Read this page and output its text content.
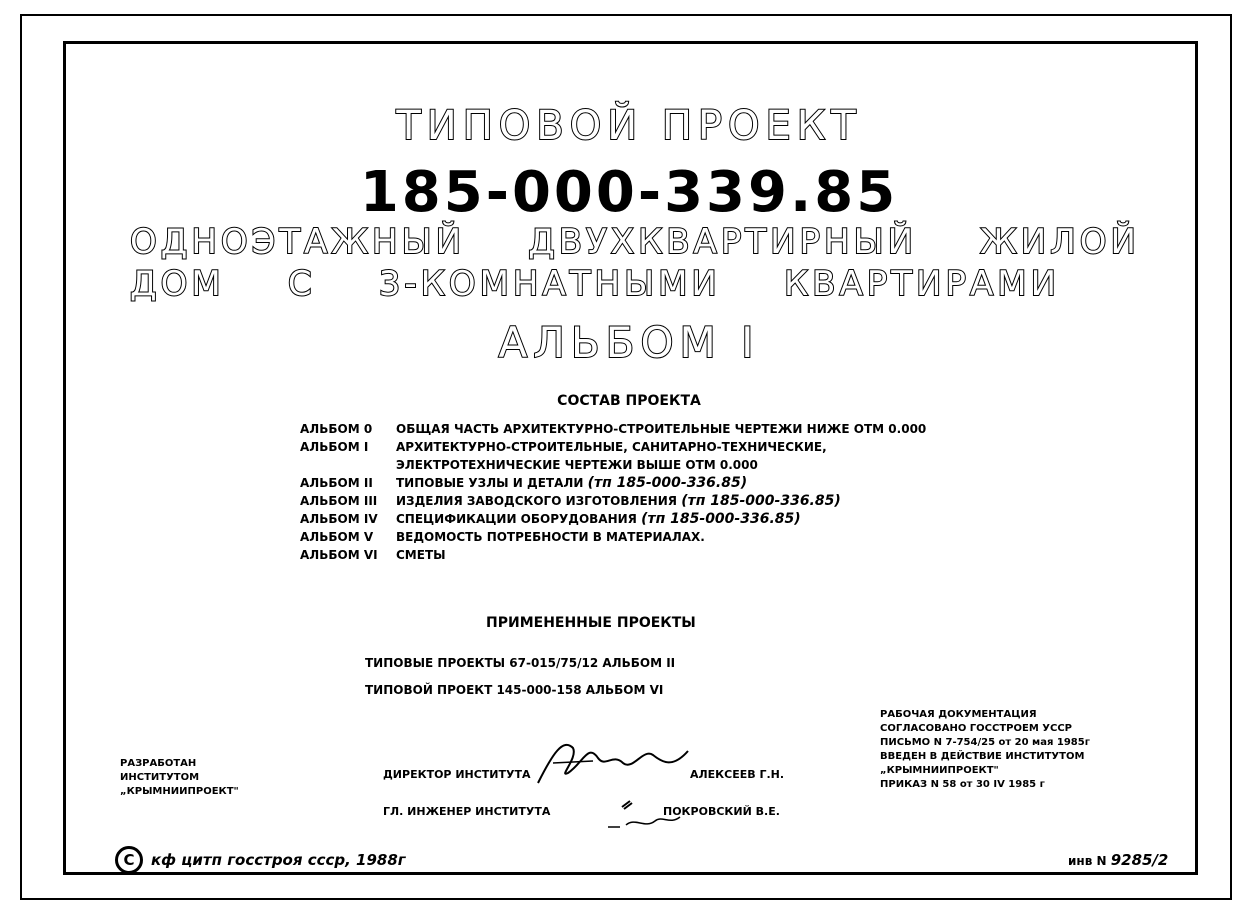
ТИПОВОЙ ПРОЕКТ
185-000-339.85
ОДНОЭТАЖНЫЙ ДВУХКВАРТИРНЫЙ ЖИЛОЙ
ДОМ С 3-КОМНАТНЫМИ КВАРТИРАМИ
АЛЬБОМ I
СОСТАВ ПРОЕКТА
АЛЬБОМ 0	ОБЩАЯ ЧАСТЬ АРХИТЕКТУРНО-СТРОИТЕЛЬНЫЕ ЧЕРТЕЖИ НИЖЕ ОТМ 0.000
АЛЬБОМ I	АРХИТЕКТУРНО-СТРОИТЕЛЬНЫЕ, САНИТАРНО-ТЕХНИЧЕСКИЕ,
ЭЛЕКТРОТЕХНИЧЕСКИЕ ЧЕРТЕЖИ ВЫШЕ ОТМ 0.000
АЛЬБОМ II	ТИПОВЫЕ УЗЛЫ И ДЕТАЛИ
(тп 185-000-336.85)
АЛЬБОМ III	ИЗДЕЛИЯ ЗАВОДСКОГО ИЗГОТОВЛЕНИЯ
(тп 185-000-336.85)
АЛЬБОМ IV	СПЕЦИФИКАЦИИ ОБОРУДОВАНИЯ
(тп 185-000-336.85)
АЛЬБОМ V	ВЕДОМОСТЬ ПОТРЕБНОСТИ В МАТЕРИАЛАХ.
АЛЬБОМ VI	СМЕТЫ
ПРИМЕНЕННЫЕ ПРОЕКТЫ
ТИПОВЫЕ ПРОЕКТЫ 67-015/75/12 АЛЬБОМ II
ТИПОВОЙ ПРОЕКТ 145-000-158 АЛЬБОМ VI
РАЗРАБОТАН
ИНСТИТУТОМ
„КРЫМНИИПРОЕКТ"
ДИРЕКТОР ИНСТИТУТА	АЛЕКСЕЕВ Г.Н.
ГЛ. ИНЖЕНЕР ИНСТИТУТА	ПОКРОВСКИЙ В.Е.
РАБОЧАЯ ДОКУМЕНТАЦИЯ
СОГЛАСОВАНО ГОССТРОЕМ УССР
ПИСЬМО N 7-754/25 от 20 мая 1985г
ВВЕДЕН В ДЕЙСТВИЕ ИНСТИТУТОМ
„КРЫМНИИПРОЕКТ"
ПРИКАЗ N 58 от 30 IV 1985 г
C	кф цитп госстроя ссср, 1988г	инв N 9285/2
